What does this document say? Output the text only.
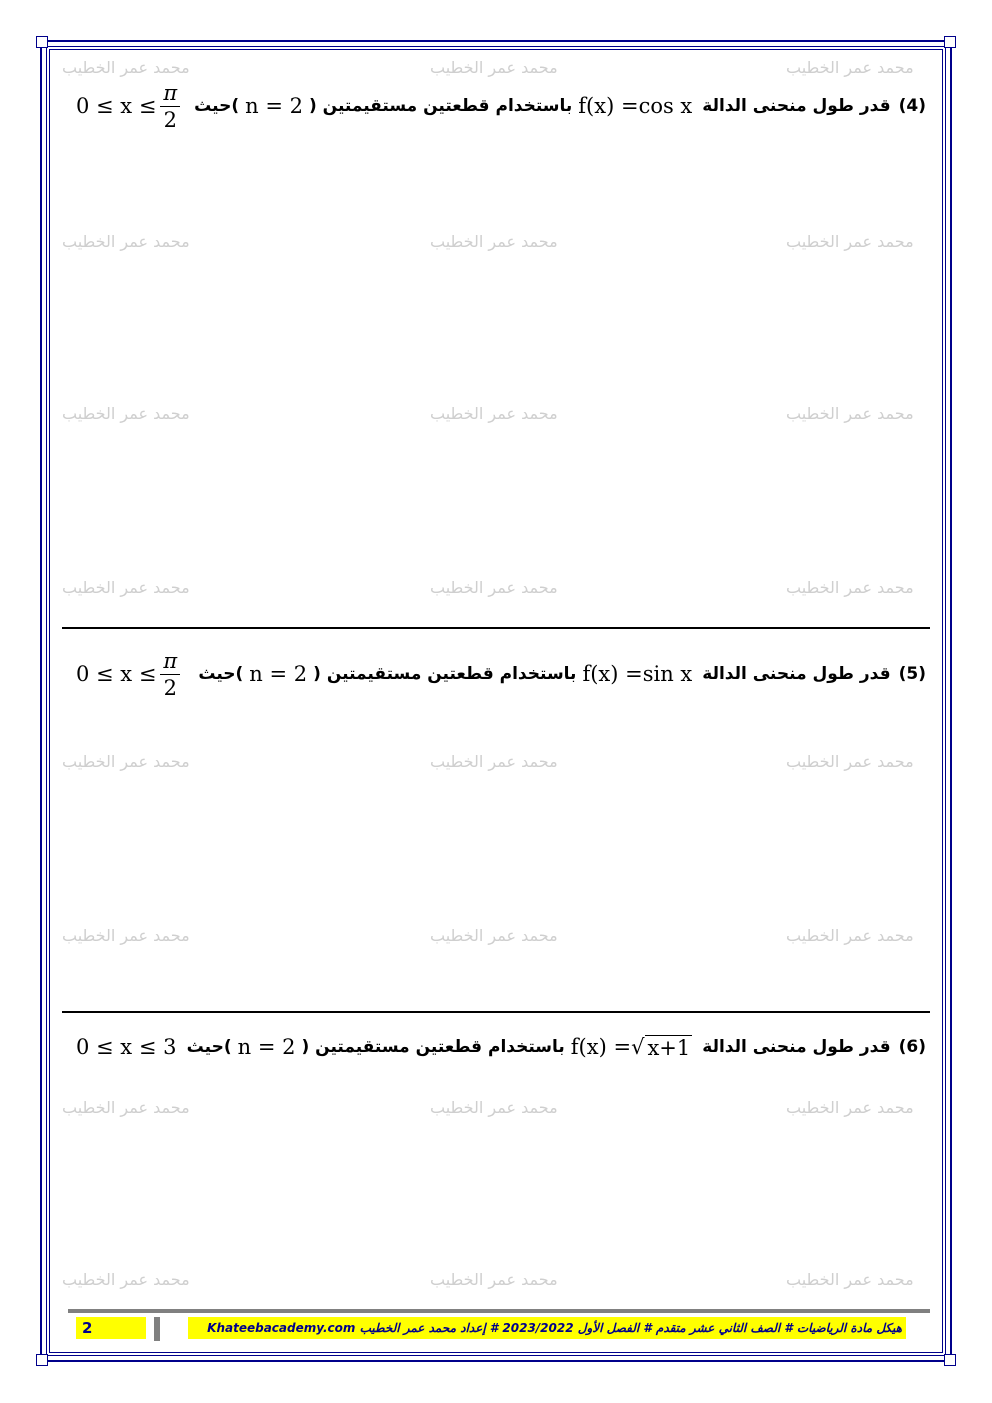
محمد عمر الخطيب	محمد عمر الخطيب	محمد عمر الخطيب
محمد عمر الخطيب	محمد عمر الخطيب	محمد عمر الخطيب
محمد عمر الخطيب	محمد عمر الخطيب	محمد عمر الخطيب
محمد عمر الخطيب	محمد عمر الخطيب	محمد عمر الخطيب
محمد عمر الخطيب	محمد عمر الخطيب	محمد عمر الخطيب
محمد عمر الخطيب	محمد عمر الخطيب	محمد عمر الخطيب
محمد عمر الخطيب	محمد عمر الخطيب	محمد عمر الخطيب
محمد عمر الخطيب	محمد عمر الخطيب	محمد عمر الخطيب
(4)قدر طول منحنى الدالة
f(x) = cos x
باستخدام قطعتين مستقيمتين (
n = 2
)حيث
$0 \le x \le \frac{\pi}{2}$
(5)قدر طول منحنى الدالة
f(x) = sin x
باستخدام قطعتين مستقيمتين (
n = 2
)حيث
$0 \le x \le \frac{\pi}{2}$
(6)قدر طول منحنى الدالة
f(x) = √ x+1
باستخدام قطعتين مستقيمتين (
n = 2
)حيث
0 ≤ x ≤ 3
2	هيكل مادة الرياضيات # الصف الثاني عشر متقدم # الفصل الأول 2023/2022 # إعداد محمد عمر الخطيب Khateebacademy.com
